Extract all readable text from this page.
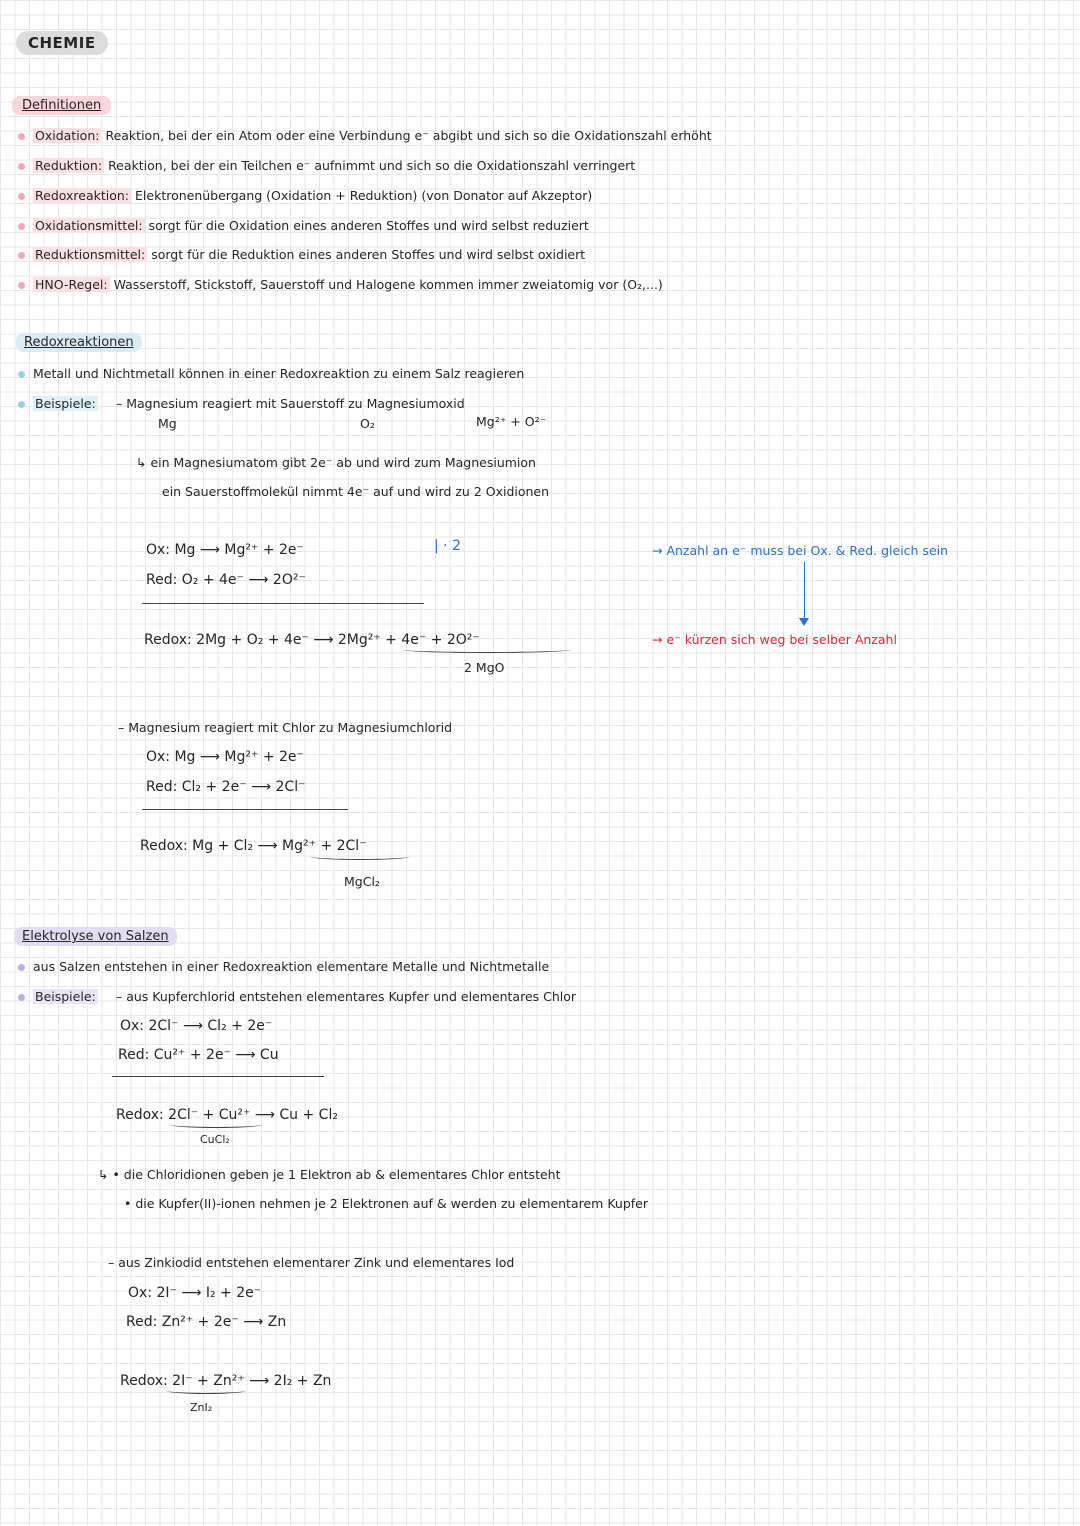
CHEMIE
Definitionen
Oxidation: Reaktion, bei der ein Atom oder eine Verbindung e⁻ abgibt und sich so die Oxidationszahl erhöht
Reduktion: Reaktion, bei der ein Teilchen e⁻ aufnimmt und sich so die Oxidationszahl verringert
Redoxreaktion: Elektronenübergang (Oxidation + Reduktion) (von Donator auf Akzeptor)
Oxidationsmittel: sorgt für die Oxidation eines anderen Stoffes und wird selbst reduziert
Reduktionsmittel: sorgt für die Reduktion eines anderen Stoffes und wird selbst oxidiert
HNO-Regel: Wasserstoff, Stickstoff, Sauerstoff und Halogene kommen immer zweiatomig vor (O₂,...)
Redoxreaktionen
Metall und Nichtmetall können in einer Redoxreaktion zu einem Salz reagieren
Beispiele: – Magnesium reagiert mit Sauerstoff zu Magnesiumoxid
Mg	O₂	Mg²⁺ + O²⁻
↳ ein Magnesiumatom gibt 2e⁻ ab und wird zum Magnesiumion
ein Sauerstoffmolekül nimmt 4e⁻ auf und wird zu 2 Oxidionen
Ox: Mg ⟶ Mg²⁺ + 2e⁻	| · 2
Red: O₂ + 4e⁻ ⟶ 2O²⁻
Redox: 2Mg + O₂ + 4e⁻ ⟶ 2Mg²⁺ + 4e⁻ + 2O²⁻
2 MgO
→ Anzahl an e⁻ muss bei Ox. & Red. gleich sein
→ e⁻ kürzen sich weg bei selber Anzahl
– Magnesium reagiert mit Chlor zu Magnesiumchlorid
Ox: Mg ⟶ Mg²⁺ + 2e⁻
Red: Cl₂ + 2e⁻ ⟶ 2Cl⁻
Redox: Mg + Cl₂ ⟶ Mg²⁺ + 2Cl⁻
MgCl₂
Elektrolyse von Salzen
aus Salzen entstehen in einer Redoxreaktion elementare Metalle und Nichtmetalle
Beispiele: – aus Kupferchlorid entstehen elementares Kupfer und elementares Chlor
Ox: 2Cl⁻ ⟶ Cl₂ + 2e⁻
Red: Cu²⁺ + 2e⁻ ⟶ Cu
Redox: 2Cl⁻ + Cu²⁺ ⟶ Cu + Cl₂
CuCl₂
↳ • die Chloridionen geben je 1 Elektron ab & elementares Chlor entsteht
• die Kupfer(II)-ionen nehmen je 2 Elektronen auf & werden zu elementarem Kupfer
– aus Zinkiodid entstehen elementarer Zink und elementares Iod
Ox: 2I⁻ ⟶ I₂ + 2e⁻
Red: Zn²⁺ + 2e⁻ ⟶ Zn
Redox: 2I⁻ + Zn²⁺ ⟶ 2I₂ + Zn
ZnI₂
